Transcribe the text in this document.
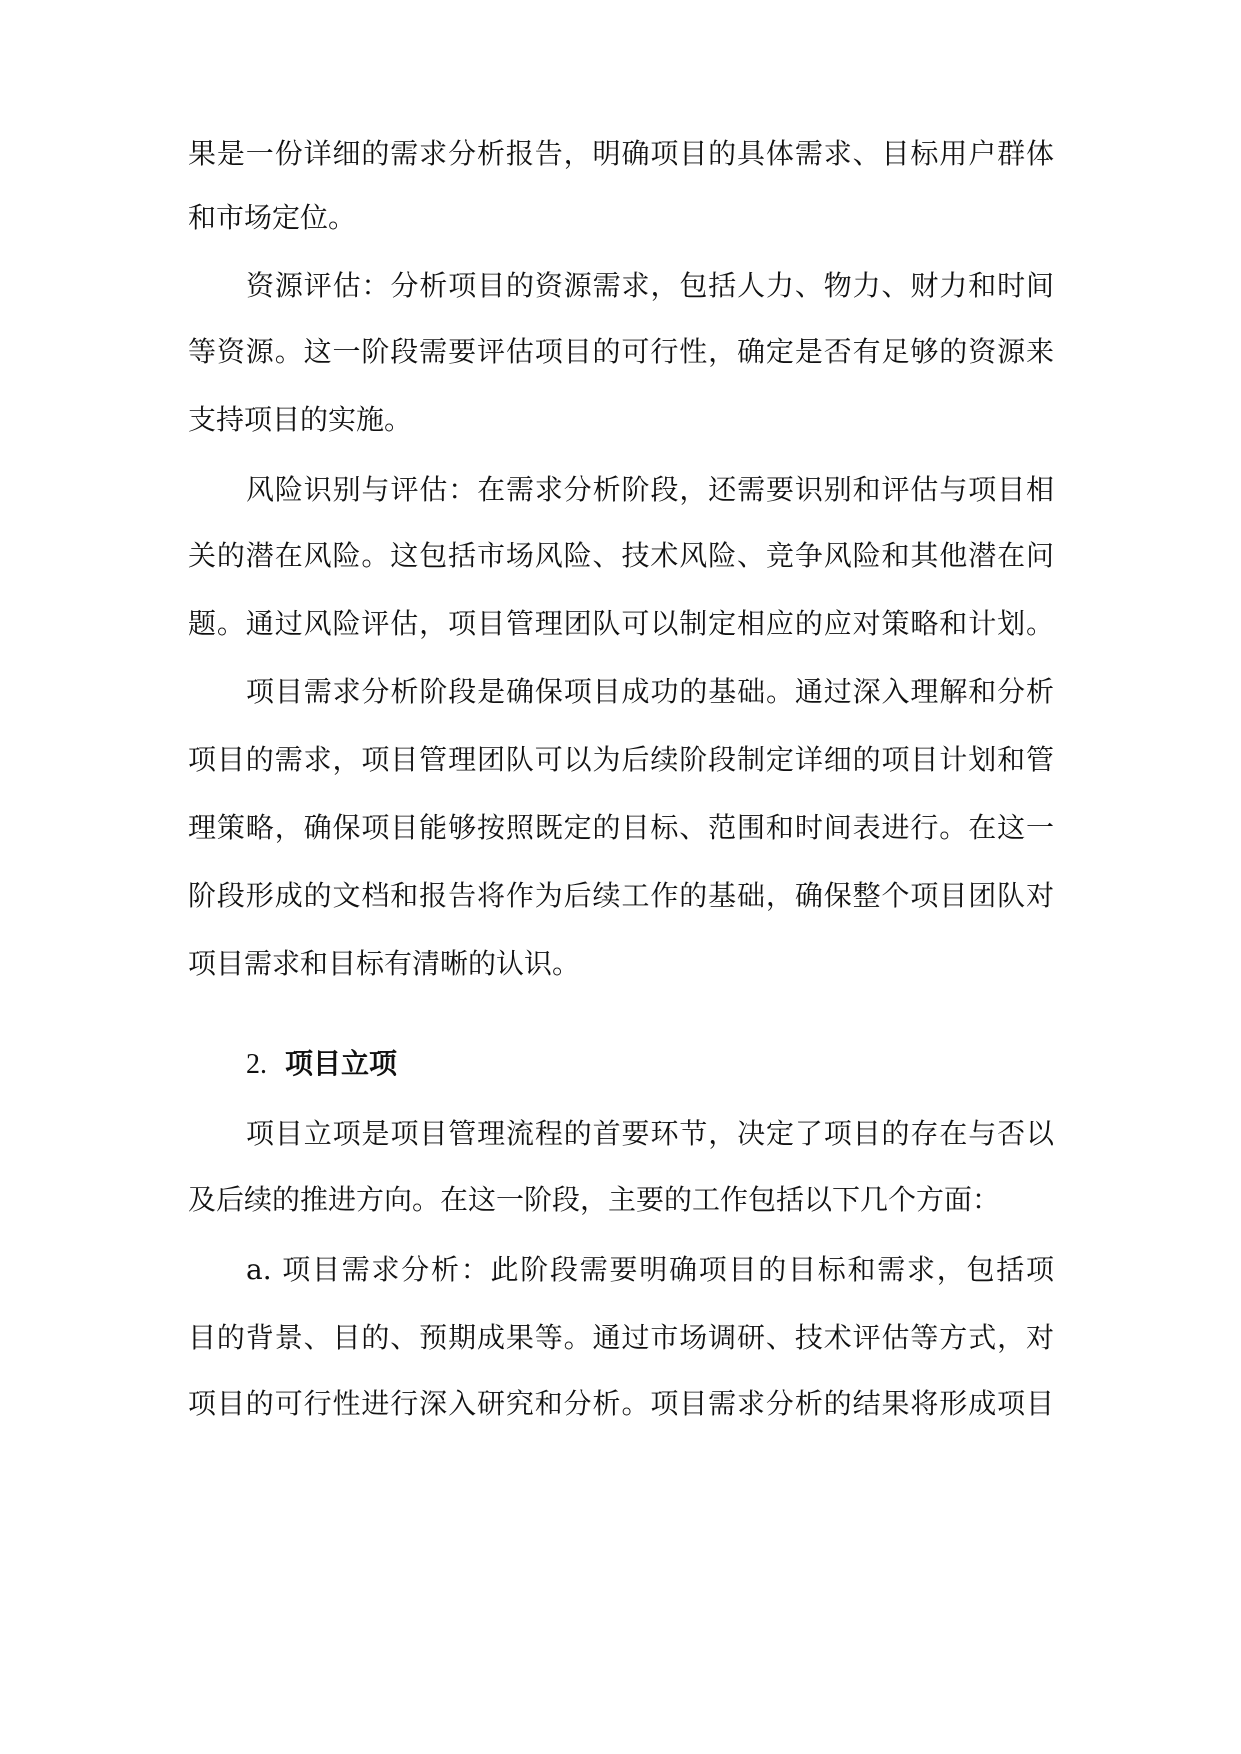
果是一份详细的需求分析报告，明确项目的具体需求、目标用户群体
和市场定位。
资源评估：分析项目的资源需求，包括人力、物力、财力和时间
等资源。这一阶段需要评估项目的可行性，确定是否有足够的资源来
支持项目的实施。
风险识别与评估：在需求分析阶段，还需要识别和评估与项目相
关的潜在风险。这包括市场风险、技术风险、竞争风险和其他潜在问
题。通过风险评估，项目管理团队可以制定相应的应对策略和计划。
项目需求分析阶段是确保项目成功的基础。通过深入理解和分析
项目的需求，项目管理团队可以为后续阶段制定详细的项目计划和管
理策略，确保项目能够按照既定的目标、范围和时间表进行。在这一
阶段形成的文档和报告将作为后续工作的基础，确保整个项目团队对
项目需求和目标有清晰的认识。
2. 项目立项
项目立项是项目管理流程的首要环节，决定了项目的存在与否以
及后续的推进方向。在这一阶段，主要的工作包括以下几个方面：
a. 项目需求分析：此阶段需要明确项目的目标和需求，包括项
目的背景、目的、预期成果等。通过市场调研、技术评估等方式，对
项目的可行性进行深入研究和分析。项目需求分析的结果将形成项目
